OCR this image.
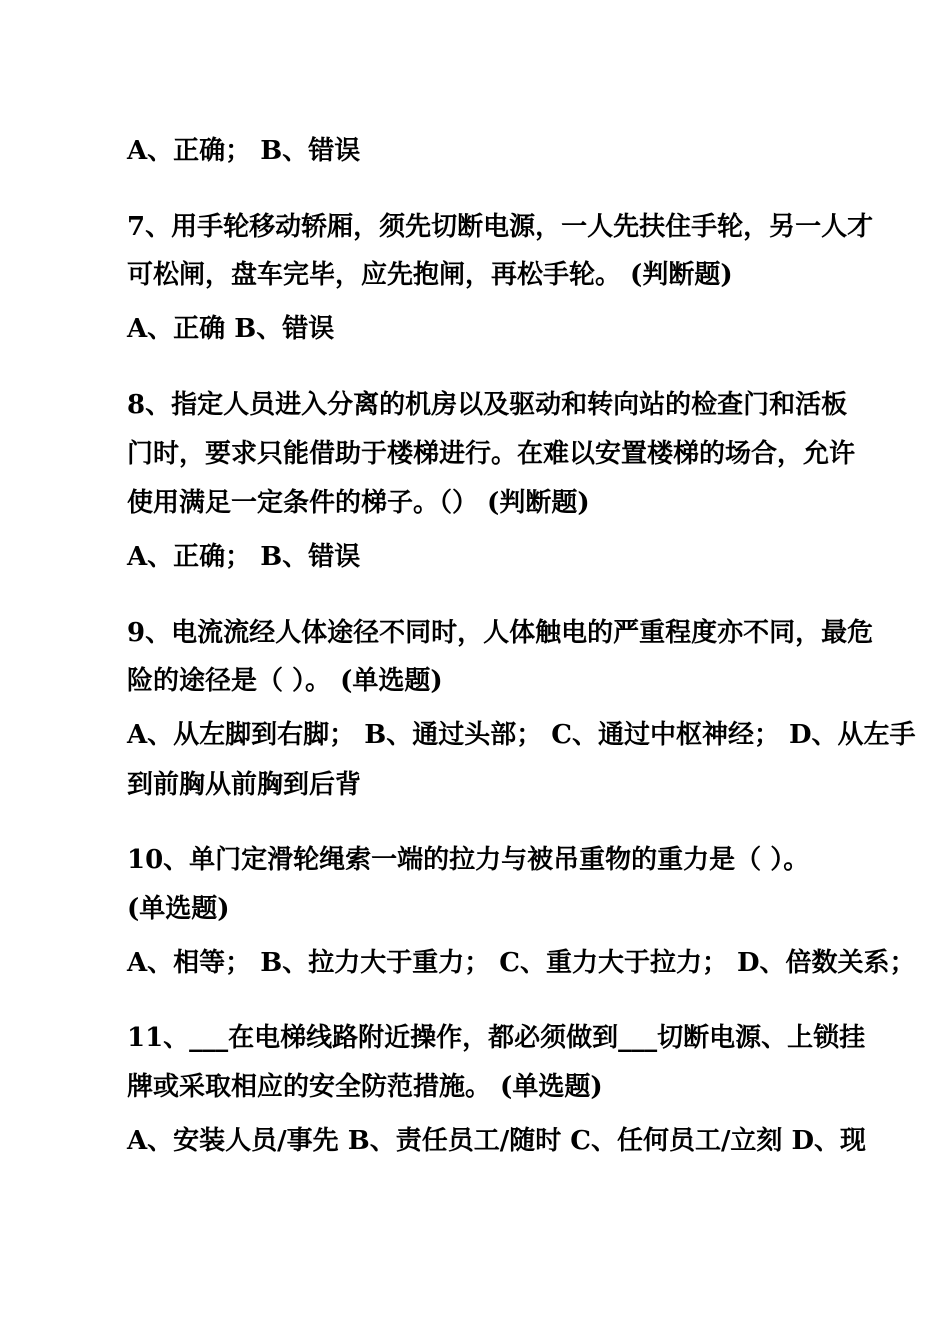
A、正确； B、错误
7、用手轮移动轿厢，须先切断电源，一人先扶住手轮，另一人才
可松闸，盘车完毕，应先抱闸，再松手轮。 (判断题)
A、正确 B、错误
8、指定人员进入分离的机房以及驱动和转向站的检查门和活板
门时，要求只能借助于楼梯进行。在难以安置楼梯的场合，允许
使用满足一定条件的梯子。（） (判断题)
A、正确； B、错误
9、电流流经人体途径不同时，人体触电的严重程度亦不同，最危
险的途径是（ ）。 (单选题)
A、从左脚到右脚； B、通过头部； C、通过中枢神经； D、从左手
到前胸从前胸到后背
10、单门定滑轮绳索一端的拉力与被吊重物的重力是（ ）。
(单选题)
A、相等； B、拉力大于重力； C、重力大于拉力； D、倍数关系；
11、___在电梯线路附近操作，都必须做到___切断电源、上锁挂
牌或采取相应的安全防范措施。 (单选题)
A、安装人员/事先 B、责任员工/随时 C、任何员工/立刻 D、现
